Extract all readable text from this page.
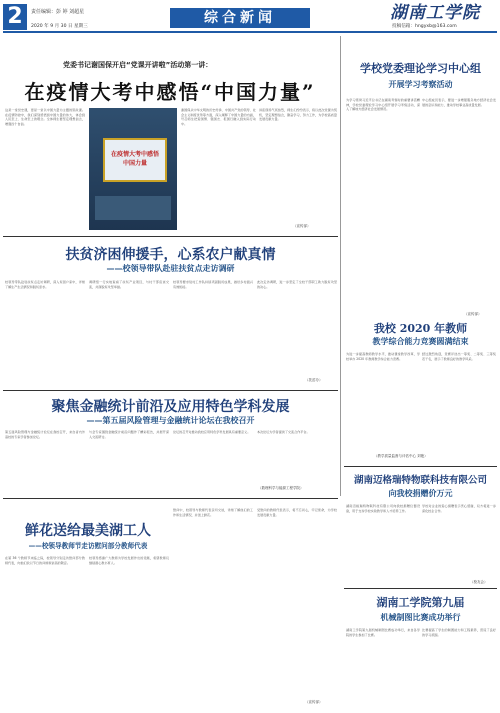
2	责任编辑：彭 婷 刘超星
2020 年 9 月 30 日 星期三
综合新闻	湖南工学院
投稿信箱：hngyxb@163.com
党委书记谢国保开启“党课开讲啦”活动第一讲：
在疫情大考中感悟“中国力量”
这是一堂党史课，更是一堂以中国力量为主题的思政课。在疫情防控中，我们深刻感悟到中国力量的伟大，体会到人民至上、生命至上的理念。全体师生要坚定理想信念，增强四个自信。
在疫情大考中感悟
中国力量
谢国保从中华文明的历史传承、中国共产党的领导、社会主义制度优势等方面，深入阐释了中国力量的内涵，号召师生把爱国情、强国志、报国行融入到实际行动中。
讲座现场气氛热烈，师生们纷纷表示，将以此次党课为契机，坚定理想信念，勤奋学习，努力工作，为学校高质量发展贡献力量。
（宣传部）
学校党委理论学习中心组
开展学习考察活动
为学习贯彻习近平总书记在湖南考察时的重要讲话精神，学校党委理论学习中心组开展学习考察活动，深入了解地方经济社会发展情况。
中心组成员表示，要进一步增强服务地方经济社会发展的意识和能力，推动学校事业高质量发展。
（宣传部）
扶贫济困伸援手，心系农户献真情
——校领导带队赴驻扶贫点走访调研
校领导带队赴驻扶贫点走访调研，深入贫困户家中，详细了解生产生活情况和脱贫需求。
调研组一行实地查看了扶贫产业项目，与村干部座谈交流，共商脱贫攻坚举措。
校领导要求驻村工作队持续巩固脱贫成果，做好乡村振兴有效衔接。
此次走访调研，进一步坚定了全校干部职工助力脱贫攻坚的决心。
（扶贫办）
我校 2020 年教师
教学综合能力竞赛圆满结束
为进一步提高教师教学水平，推动课堂教学改革，学校举办 2020 年教师教学综合能力竞赛。
经过激烈角逐，竞赛评选出一等奖、二等奖、三等奖若干名，展示了教师良好的教学风采。
（教学质量监督与评估中心 刘艳）
聚焦金融统计前沿及应用特色学科发展
——第五届风险管理与金融统计论坛在我校召开
第五届风险管理与金融统计论坛在我校召开，来自省内外高校的专家学者参加论坛。
与会专家围绕金融统计前沿问题作了精彩报告，并展开深入交流研讨。
论坛的召开对推动我校应用特色学科发展具有重要意义。	本次论坛为学者提供了交流合作平台。
（数理科学与能源工程学院）
湖南迈格瑞特物联科技有限公司
向我校捐赠价万元
湖南迈格瑞特物联科技有限公司向我校捐赠仪器设备，用于支持学校实验教学和人才培养工作。
学校对企业的爱心捐赠表示衷心感谢，双方将进一步深化校企合作。
（校友会）
鲜花送给最美湖工人
——校领导教师节走访慰问部分教师代表
在第 36 个教师节来临之际，校领导分别走访慰问部分教师代表，向他们致以节日的问候和崇高的敬意。
校领导感谢广大教师为学校发展作出的贡献，希望教师们继续潜心教书育人。
慰问中，校领导与教师代表亲切交谈，详细了解他们的工作和生活情况，并送上鲜花。
受慰问的教师代表表示，将不忘初心，牢记使命，为学校发展贡献力量。
（宣传部）
湖南工学院第九届
机械制图比赛成功举行
湖南工学院第九届机械制图比赛成功举行，来自各学院的学生参加了比赛。
比赛提高了学生的制图能力和工程素养，营造了良好的学习氛围。
